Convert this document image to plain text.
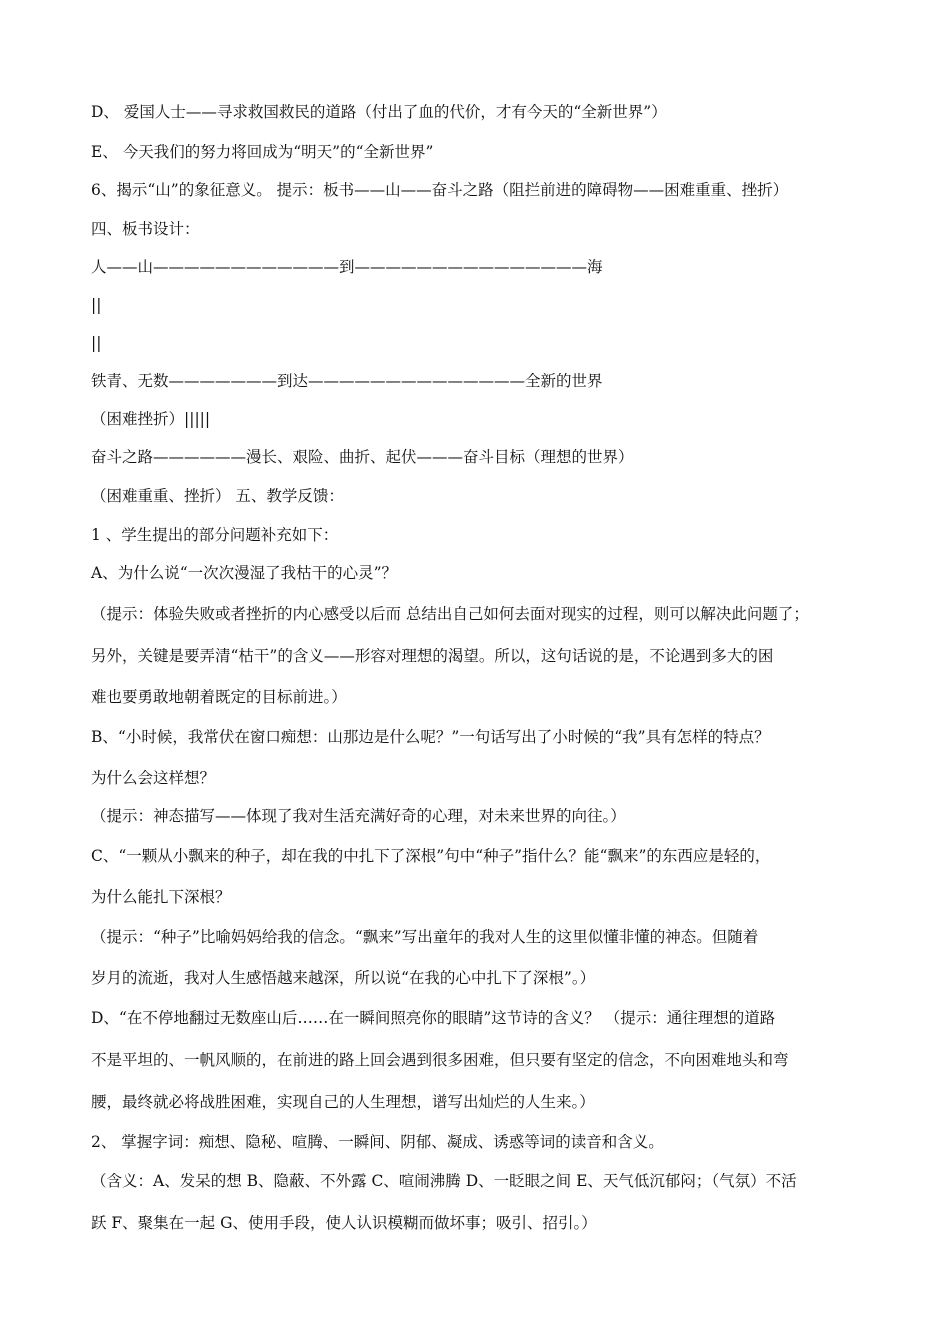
D、 爱国人士——寻求救国救民的道路（付出了血的代价，才有今天的“全新世界”）
E、 今天我们的努力将回成为“明天”的“全新世界”
6、揭示“山”的象征意义。 提示：板书——山——奋斗之路（阻拦前进的障碍物——困难重重、挫折）
四、板书设计：
人——山————————————到———————————————海
||
||
铁青、无数———————到达——————————————全新的世界
（困难挫折）|||||
奋斗之路——————漫长、艰险、曲折、起伏———奋斗目标（理想的世界）
（困难重重、挫折） 五、教学反馈：
1 、学生提出的部分问题补充如下：
A、为什么说“一次次漫湿了我枯干的心灵”？
（提示：体验失败或者挫折的内心感受以后而 总结出自己如何去面对现实的过程，则可以解决此问题了；
另外，关键是要弄清“枯干”的含义——形容对理想的渴望。所以，这句话说的是，不论遇到多大的困
难也要勇敢地朝着既定的目标前进。）
B、“小时候，我常伏在窗口痴想：山那边是什么呢？”一句话写出了小时候的“我”具有怎样的特点？
为什么会这样想？
（提示：神态描写——体现了我对生活充满好奇的心理，对未来世界的向往。）
C、“一颗从小飘来的种子，却在我的中扎下了深根”句中“种子”指什么？能“飘来”的东西应是轻的，
为什么能扎下深根？
（提示：“种子”比喻妈妈给我的信念。“飘来”写出童年的我对人生的这里似懂非懂的神态。但随着
岁月的流逝，我对人生感悟越来越深，所以说“在我的心中扎下了深根”。）
D、“在不停地翻过无数座山后……在一瞬间照亮你的眼睛”这节诗的含义？ （提示：通往理想的道路
不是平坦的、一帆风顺的，在前进的路上回会遇到很多困难，但只要有坚定的信念，不向困难地头和弯
腰，最终就必将战胜困难，实现自己的人生理想，谱写出灿烂的人生来。）
2、 掌握字词：痴想、隐秘、喧腾、一瞬间、阴郁、凝成、诱惑等词的读音和含义。
（含义：A、发呆的想 B、隐蔽、不外露 C、喧闹沸腾 D、一眨眼之间 E、天气低沉郁闷；（气氛）不活
跃 F、聚集在一起 G、使用手段，使人认识模糊而做坏事；吸引、招引。）
